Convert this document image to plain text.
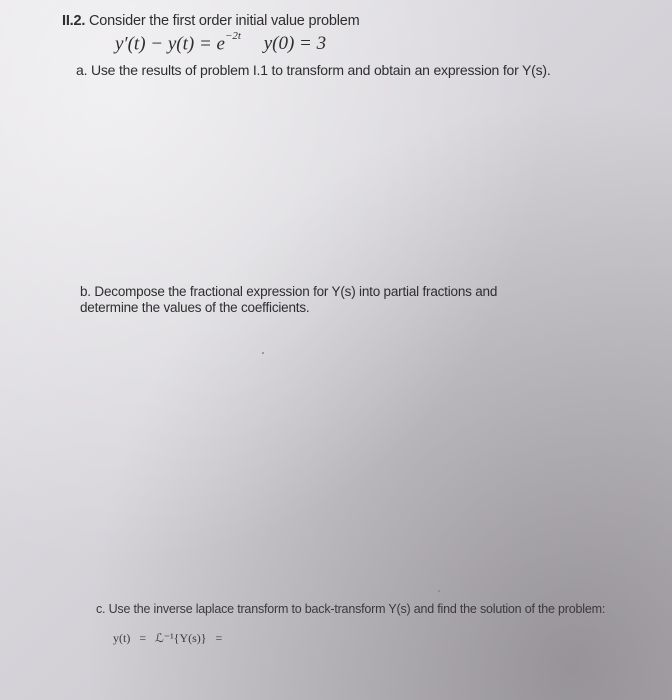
II.2. Consider the first order initial value problem
$y'(t) - y(t) = e^{-2t}$ y(0) = 3
a. Use the results of problem I.1 to transform and obtain an expression for Y(s).
b. Decompose the fractional expression for Y(s) into partial fractions and determine the values of the coefficients.
c. Use the inverse laplace transform to back-transform Y(s) and find the solution of the problem:
y(t) = ℒ⁻¹{Y(s)} =
